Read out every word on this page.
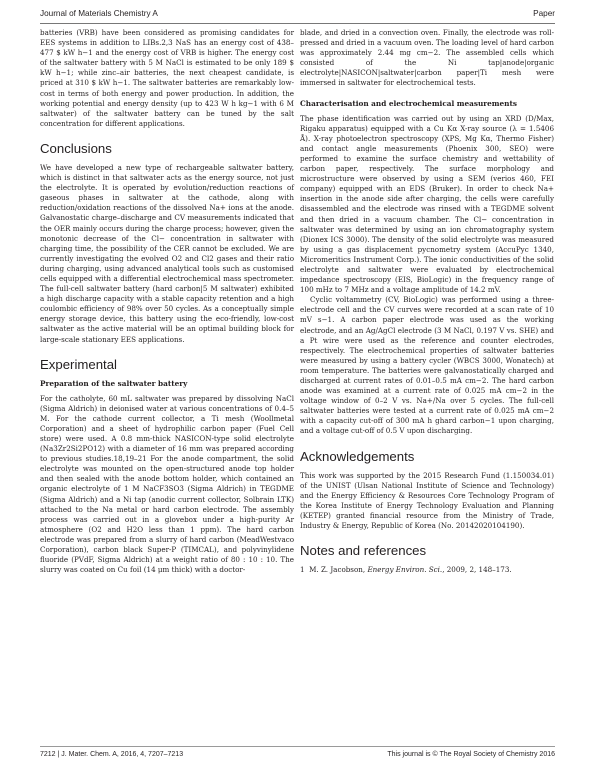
Journal of Materials Chemistry A	Paper

batteries (VRB) have been considered as promising candidates for EES systems in addition to LIBs.2,3 NaS has an energy cost of 438–477 $ kW h−1 and the energy cost of VRB is higher. The energy cost of the saltwater battery with 5 M NaCl is estimated to be only 189 $ kW h−1; while zinc–air batteries, the next cheapest candidate, is priced at 310 $ kW h−1. The saltwater batteries are remarkably low-cost in terms of both energy and power production. In addition, the working potential and energy density (up to 423 W h kg−1 with 6 M saltwater) of the saltwater battery can be tuned by the salt concentration for different applications.

Conclusions

We have developed a new type of rechargeable saltwater battery, which is distinct in that saltwater acts as the energy source, not just the electrolyte. It is operated by evolution/reduction reactions of gaseous phases in saltwater at the cathode, along with reduction/oxidation reactions of the dissolved Na+ ions at the anode. Galvanostatic charge–discharge and CV measurements indicated that the OER mainly occurs during the charge process; however, given the monotonic decrease of the Cl− concentration in saltwater with charging time, the possibility of the CER cannot be excluded. We are currently investigating the evolved O2 and Cl2 gases and their ratio during charging, using advanced analytical tools such as customised cells equipped with a differential electrochemical mass spectrometer. The full-cell saltwater battery (hard carbon|5 M saltwater) exhibited a high discharge capacity with a stable capacity retention and a high coulombic efficiency of 98% over 50 cycles. As a conceptually simple energy storage device, this battery using the eco-friendly, low-cost saltwater as the active material will be an optimal building block for large-scale stationary EES applications.

Experimental
Preparation of the saltwater battery

For the catholyte, 60 mL saltwater was prepared by dissolving NaCl (Sigma Aldrich) in deionised water at various concentrations of 0.4–5 M. For the cathode current collector, a Ti mesh (Woollmetal Corporation) and a sheet of hydrophilic carbon paper (Fuel Cell store) were used. A 0.8 mm-thick NASICON-type solid electrolyte (Na3Zr2Si2PO12) with a diameter of 16 mm was prepared according to previous studies.18,19–21 For the anode compartment, the solid electrolyte was mounted on the open-structured anode top holder and then sealed with the anode bottom holder, which contained an organic electrolyte of 1 M NaCF3SO3 (Sigma Aldrich) in TEGDME (Sigma Aldrich) and a Ni tap (anodic current collector, Solbrain LTK) attached to the Na metal or hard carbon electrode. The assembly process was carried out in a glovebox under a high-purity Ar atmosphere (O2 and H2O less than 1 ppm). The hard carbon electrode was prepared from a slurry of hard carbon (MeadWestvaco Corporation), carbon black Super-P (TIMCAL), and polyvinylidene fluoride (PVdF, Sigma Aldrich) at a weight ratio of 80 : 10 : 10. The slurry was coated on Cu foil (14 μm thick) with a doctor-

blade, and dried in a convection oven. Finally, the electrode was roll-pressed and dried in a vacuum oven. The loading level of hard carbon was approximately 2.44 mg cm−2. The assembled cells which consisted of the Ni tap|anode|organic electrolyte|NASICON|saltwater|carbon paper|Ti mesh were immersed in saltwater for electrochemical tests.

Characterisation and electrochemical measurements

The phase identification was carried out by using an XRD (D/Max, Rigaku apparatus) equipped with a Cu Kα X-ray source (λ = 1.5406 Å). X-ray photoelectron spectroscopy (XPS, Mg Kα, Thermo Fisher) and contact angle measurements (Phoenix 300, SEO) were performed to examine the surface chemistry and wettability of carbon paper, respectively. The surface morphology and microstructure were observed by using a SEM (verios 460, FEI company) equipped with an EDS (Bruker). In order to check Na+ insertion in the anode side after charging, the cells were carefully disassembled and the electrode was rinsed with a TEGDME solvent and then dried in a vacuum chamber. The Cl− concentration in saltwater was determined by using an ion chromatography system (Dionex ICS 3000). The density of the solid electrolyte was measured by using a gas displacement pycnometry system (AccuPyc 1340, Micromeritics Instrument Corp.). The ionic conductivities of the solid electrolyte and saltwater were evaluated by electrochemical impedance spectroscopy (EIS, BioLogic) in the frequency range of 100 mHz to 7 MHz and a voltage amplitude of 14.2 mV.

Cyclic voltammetry (CV, BioLogic) was performed using a three-electrode cell and the CV curves were recorded at a scan rate of 10 mV s−1. A carbon paper electrode was used as the working electrode, and an Ag/AgCl electrode (3 M NaCl, 0.197 V vs. SHE) and a Pt wire were used as the reference and counter electrodes, respectively. The electrochemical properties of saltwater batteries were measured by using a battery cycler (WBCS 3000, Wonatech) at room temperature. The batteries were galvanostatically charged and discharged at current rates of 0.01–0.5 mA cm−2. The hard carbon anode was examined at a current rate of 0.025 mA cm−2 in the voltage window of 0–2 V vs. Na+/Na over 5 cycles. The full-cell saltwater batteries were tested at a current rate of 0.025 mA cm−2 with a capacity cut-off of 300 mA h ghard carbon−1 upon charging, and a voltage cut-off of 0.5 V upon discharging.

Acknowledgements

This work was supported by the 2015 Research Fund (1.150034.01) of the UNIST (Ulsan National Institute of Science and Technology) and the Energy Efficiency & Resources Core Technology Program of the Korea Institute of Energy Technology Evaluation and Planning (KETEP) granted financial resource from the Ministry of Trade, Industry & Energy, Republic of Korea (No. 20142020104190).

Notes and references

1 M. Z. Jacobson, Energy Environ. Sci., 2009, 2, 148–173.

7212 | J. Mater. Chem. A, 2016, 4, 7207–7213	This journal is © The Royal Society of Chemistry 2016
